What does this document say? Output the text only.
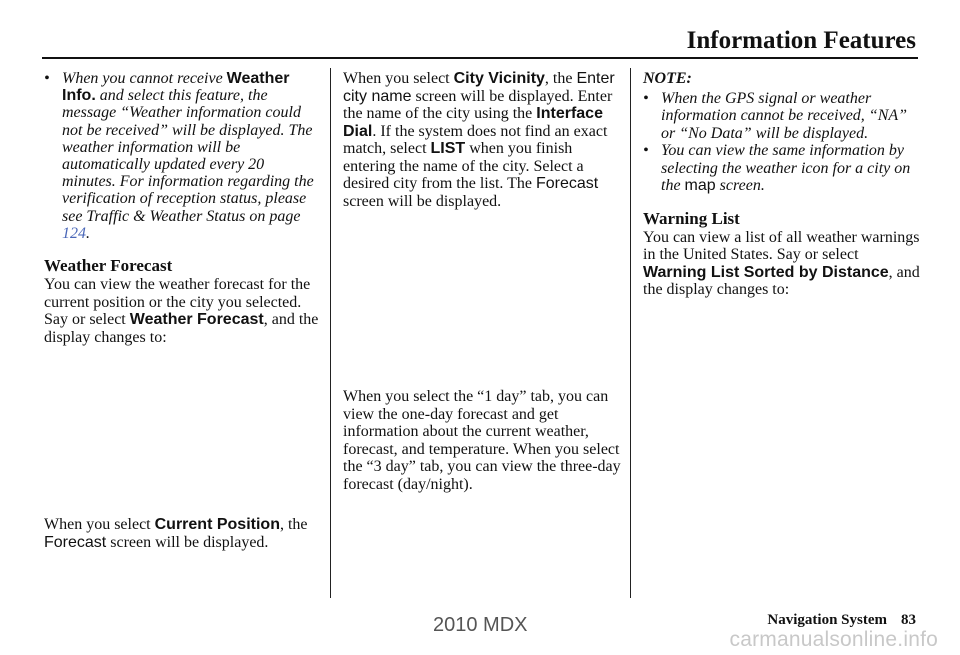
Information Features

• When you cannot receive Weather Info. and select this feature, the message “Weather information could not be received” will be displayed. The weather information will be automatically updated every 20 minutes. For information regarding the verification of reception status, please see Traffic & Weather Status on page 124.

Weather Forecast

You can view the weather forecast for the current position or the city you selected. Say or select Weather Forecast, and the display changes to:

When you select Current Position, the Forecast screen will be displayed.

When you select City Vicinity, the Enter city name screen will be displayed. Enter the name of the city using the Interface Dial. If the system does not find an exact match, select LIST when you finish entering the name of the city. Select a desired city from the list. The Forecast screen will be displayed.

When you select the “1 day” tab, you can view the one-day forecast and get information about the current weather, forecast, and temperature. When you select the “3 day” tab, you can view the three-day forecast (day/night).

NOTE:

• When the GPS signal or weather information cannot be received, “NA” or “No Data” will be displayed.

• You can view the same information by selecting the weather icon for a city on the map screen.

Warning List

You can view a list of all weather warnings in the United States. Say or select Warning List Sorted by Distance, and the display changes to:

Navigation System 83
2010 MDX
carmanualsonline.info
